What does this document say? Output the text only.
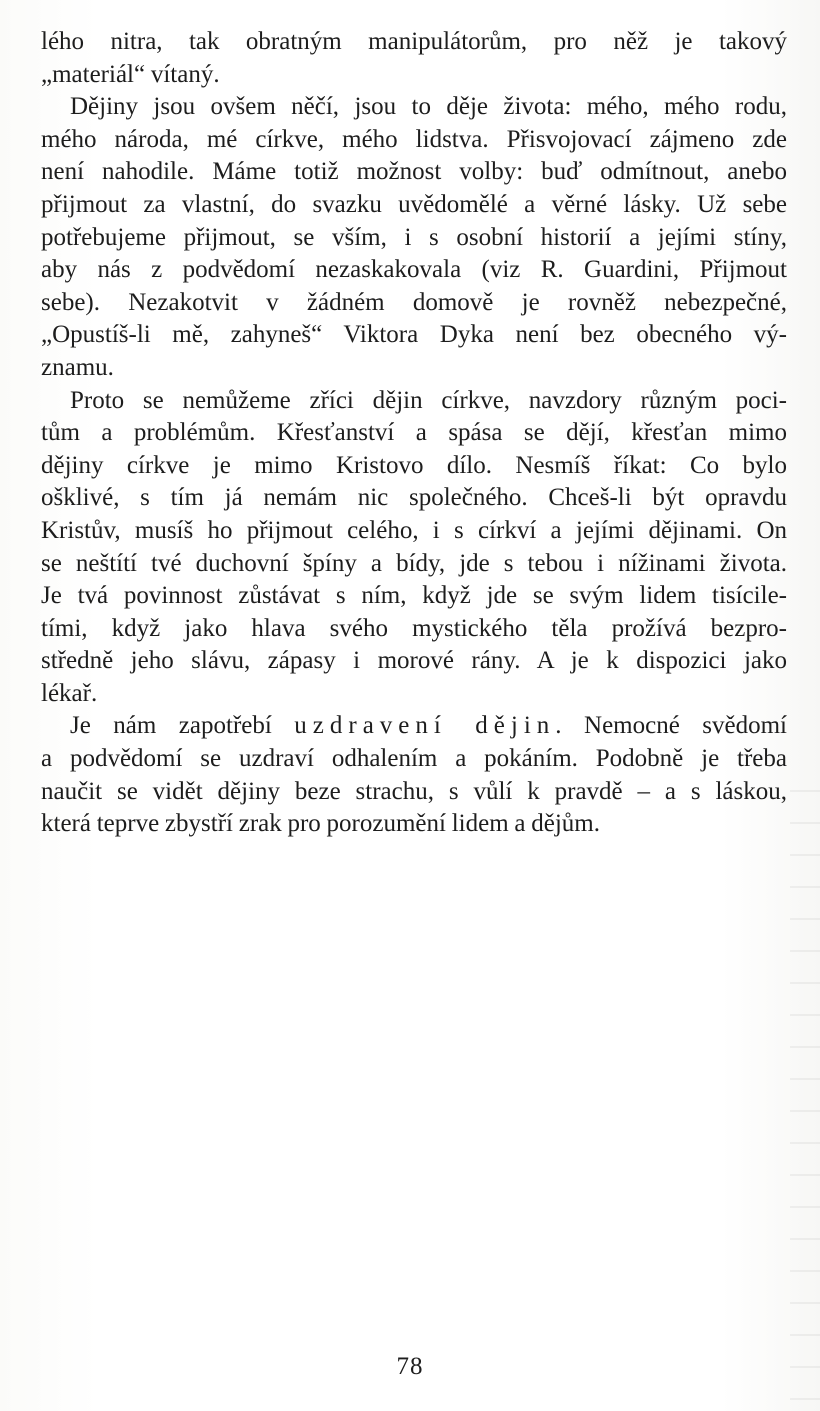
lého nitra, tak obratným manipulátorům, pro něž je takový
„materiál“ vítaný.

Dějiny jsou ovšem něčí, jsou to děje života: mého, mého rodu,
mého národa, mé církve, mého lidstva. Přisvojovací zájmeno zde
není nahodile. Máme totiž možnost volby: buď odmítnout, anebo
přijmout za vlastní, do svazku uvědomělé a věrné lásky. Už sebe
potřebujeme přijmout, se vším, i s osobní historií a jejími stíny,
aby nás z podvědomí nezaskakovala (viz R. Guardini, Přijmout
sebe). Nezakotvit v žádném domově je rovněž nebezpečné,
„Opustíš-li mě, zahyneš“ Viktora Dyka není bez obecného vý-
znamu.

Proto se nemůžeme zříci dějin církve, navzdory různým poci-
tům a problémům. Křesťanství a spása se dějí, křesťan mimo
dějiny církve je mimo Kristovo dílo. Nesmíš říkat: Co bylo
ošklivé, s tím já nemám nic společného. Chceš-li být opravdu
Kristův, musíš ho přijmout celého, i s církví a jejími dějinami. On
se neštítí tvé duchovní špíny a bídy, jde s tebou i nížinami života.
Je tvá povinnost zůstávat s ním, když jde se svým lidem tisícile-
tími, když jako hlava svého mystického těla prožívá bezpro-
středně jeho slávu, zápasy i morové rány. A je k dispozici jako
lékař.

Je nám zapotřebí uzdravení dějin. Nemocné svědomí
a podvědomí se uzdraví odhalením a pokáním. Podobně je třeba
naučit se vidět dějiny beze strachu, s vůlí k pravdě – a s láskou,
která teprve zbystří zrak pro porozumění lidem a dějům.

78
